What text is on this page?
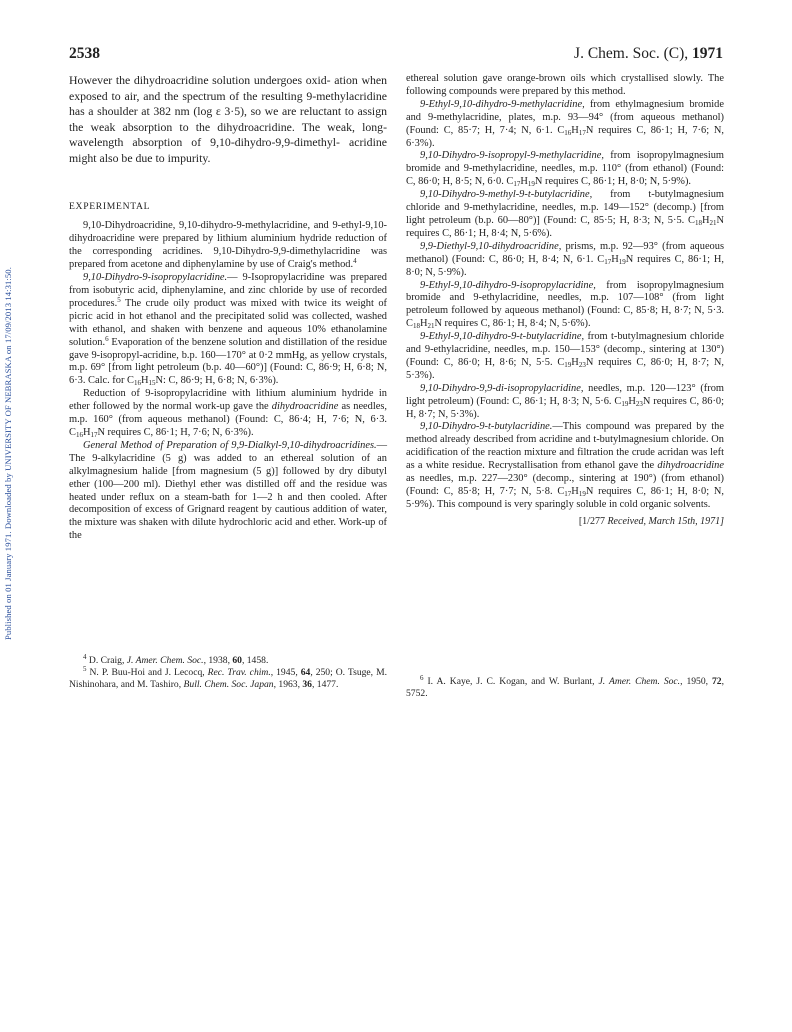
Published on 01 January 1971. Downloaded by UNIVERSITY OF NEBRASKA on 17/09/2013 14:31:50.
2538	J. Chem. Soc. (C), 1971

However the dihydroacridine solution undergoes oxid- ation when exposed to air, and the spectrum of the resulting 9-methylacridine has a shoulder at 382 nm (log ε 3·5), so we are reluctant to assign the weak absorption to the dihydroacridine. The weak, long- wavelength absorption of 9,10-dihydro-9,9-dimethyl- acridine might also be due to impurity.

EXPERIMENTAL

9,10-Dihydroacridine, 9,10-dihydro-9-methylacridine, and 9-ethyl-9,10-dihydroacridine were prepared by lithium aluminium hydride reduction of the corresponding acridines. 9,10-Dihydro-9,9-dimethylacridine was prepared from acetone and diphenylamine by use of Craig's method.$^4$

9,10-Dihydro-9-isopropylacridine.— 9-Isopropylacridine was prepared from isobutyric acid, diphenylamine, and zinc chloride by use of recorded procedures.$^5$ The crude oily product was mixed with twice its weight of picric acid in hot ethanol and the precipitated solid was collected, washed with ethanol, and shaken with benzene and aqueous 10% ethanolamine solution.$^6$ Evaporation of the benzene solution and distillation of the residue gave 9-isopropyl-acridine, b.p. 160—170° at 0·2 mmHg, as yellow crystals, m.p. 69° [from light petroleum (b.p. 40—60°)] (Found: C, 86·9; H, 6·8; N, 6·3. Calc. for $C_{16}H_{15}N$: C, 86·9; H, 6·8; N, 6·3%).

Reduction of 9-isopropylacridine with lithium aluminium hydride in ether followed by the normal work-up gave the dihydroacridine as needles, m.p. 160° (from aqueous methanol) (Found: C, 86·4; H, 7·6; N, 6·3. $C_{16}H_{17}N$ requires C, 86·1; H, 7·6; N, 6·3%).

General Method of Preparation of 9,9-Dialkyl-9,10-dihydroacridines.—The 9-alkylacridine (5 g) was added to an ethereal solution of an alkylmagnesium halide [from magnesium (5 g)] followed by dry dibutyl ether (100—200 ml). Diethyl ether was distilled off and the residue was heated under reflux on a steam-bath for 1—2 h and then cooled. After decomposition of excess of Grignard reagent by cautious addition of water, the mixture was shaken with dilute hydrochloric acid and ether. Work-up of the

ethereal solution gave orange-brown oils which crystallised slowly. The following compounds were prepared by this method.

9-Ethyl-9,10-dihydro-9-methylacridine, from ethylmagnesium bromide and 9-methylacridine, plates, m.p. 93—94° (from aqueous methanol) (Found: C, 85·7; H, 7·4; N, 6·1. $C_{16}H_{17}N$ requires C, 86·1; H, 7·6; N, 6·3%).

9,10-Dihydro-9-isopropyl-9-methylacridine, from isopropylmagnesium bromide and 9-methylacridine, needles, m.p. 110° (from ethanol) (Found: C, 86·0; H, 8·5; N, 6·0. $C_{17}H_{19}N$ requires C, 86·1; H, 8·0; N, 5·9%).

9,10-Dihydro-9-methyl-9-t-butylacridine, from t-butylmagnesium chloride and 9-methylacridine, needles, m.p. 149—152° (decomp.) [from light petroleum (b.p. 60—80°)] (Found: C, 85·5; H, 8·3; N, 5·5. $C_{18}H_{21}N$ requires C, 86·1; H, 8·4; N, 5·6%).

9,9-Diethyl-9,10-dihydroacridine, prisms, m.p. 92—93° (from aqueous methanol) (Found: C, 86·0; H, 8·4; N, 6·1. $C_{17}H_{19}N$ requires C, 86·1; H, 8·0; N, 5·9%).

9-Ethyl-9,10-dihydro-9-isopropylacridine, from isopropylmagnesium bromide and 9-ethylacridine, needles, m.p. 107—108° (from light petroleum followed by aqueous methanol) (Found: C, 85·8; H, 8·7; N, 5·3. $C_{18}H_{21}N$ requires C, 86·1; H, 8·4; N, 5·6%).

9-Ethyl-9,10-dihydro-9-t-butylacridine, from t-butylmagnesium chloride and 9-ethylacridine, needles, m.p. 150—153° (decomp., sintering at 130°) (Found: C, 86·0; H, 8·6; N, 5·5. $C_{19}H_{23}N$ requires C, 86·0; H, 8·7; N, 5·3%).

9,10-Dihydro-9,9-di-isopropylacridine, needles, m.p. 120—123° (from light petroleum) (Found: C, 86·1; H, 8·3; N, 5·6. $C_{19}H_{23}N$ requires C, 86·0; H, 8·7; N, 5·3%).

9,10-Dihydro-9-t-butylacridine.—This compound was prepared by the method already described from acridine and t-butylmagnesium chloride. On acidification of the reaction mixture and filtration the crude acridan was left as a white residue. Recrystallisation from ethanol gave the dihydroacridine as needles, m.p. 227—230° (decomp., sintering at 190°) (from ethanol) (Found: C, 85·8; H, 7·7; N, 5·8. $C_{17}H_{19}N$ requires C, 86·1; H, 8·0; N, 5·9%). This compound is very sparingly soluble in cold organic solvents.

[1/277 Received, March 15th, 1971]

$^4$ D. Craig, J. Amer. Chem. Soc., 1938, 60, 1458.

$^5$ N. P. Buu-Hoi and J. Lecocq, Rec. Trav. chim., 1945, 64, 250; O. Tsuge, M. Nishinohara, and M. Tashiro, Bull. Chem. Soc. Japan, 1963, 36, 1477.

$^6$ I. A. Kaye, J. C. Kogan, and W. Burlant, J. Amer. Chem. Soc., 1950, 72, 5752.
